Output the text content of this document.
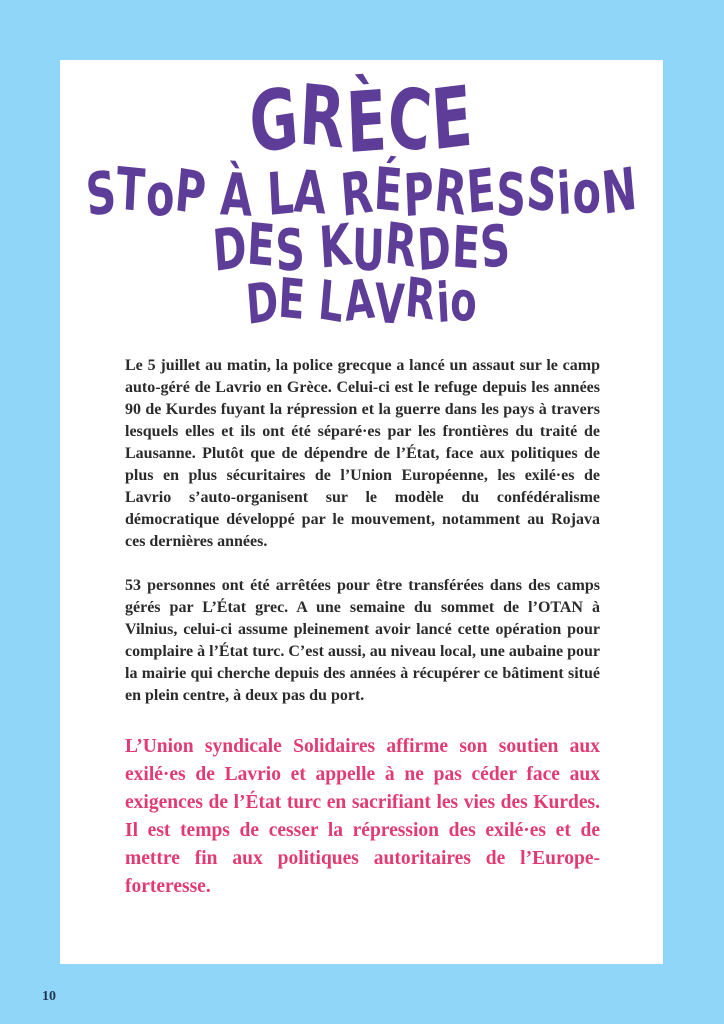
GRÈCE
SToP À LA RÉPRESSioN
DES KURDES
DE LAVRio

Le 5 juillet au matin, la police grecque a lancé un assaut sur le camp auto-géré de Lavrio en Grèce. Celui-ci est le refuge depuis les années 90 de Kurdes fuyant la répression et la guerre dans les pays à travers lesquels elles et ils ont été séparé·es par les frontières du traité de Lausanne. Plutôt que de dépendre de l’État, face aux politiques de plus en plus sécuritaires de l’Union Européenne, les exilé·es de Lavrio s’auto-organisent sur le modèle du confédéralisme démocratique développé par le mouvement, notamment au Rojava ces dernières années.

53 personnes ont été arrêtées pour être transférées dans des camps gérés par L’État grec. A une semaine du sommet de l’OTAN à Vilnius, celui-ci assume pleinement avoir lancé cette opération pour complaire à l’État turc. C’est aussi, au niveau local, une aubaine pour la mairie qui cherche depuis des années à récupérer ce bâtiment situé en plein centre, à deux pas du port.

L’Union syndicale Solidaires affirme son soutien aux exilé·es de Lavrio et appelle à ne pas céder face aux exigences de l’État turc en sacrifiant les vies des Kurdes. Il est temps de cesser la répression des exilé·es et de mettre fin aux politiques autoritaires de l’Europe-forteresse.

10
